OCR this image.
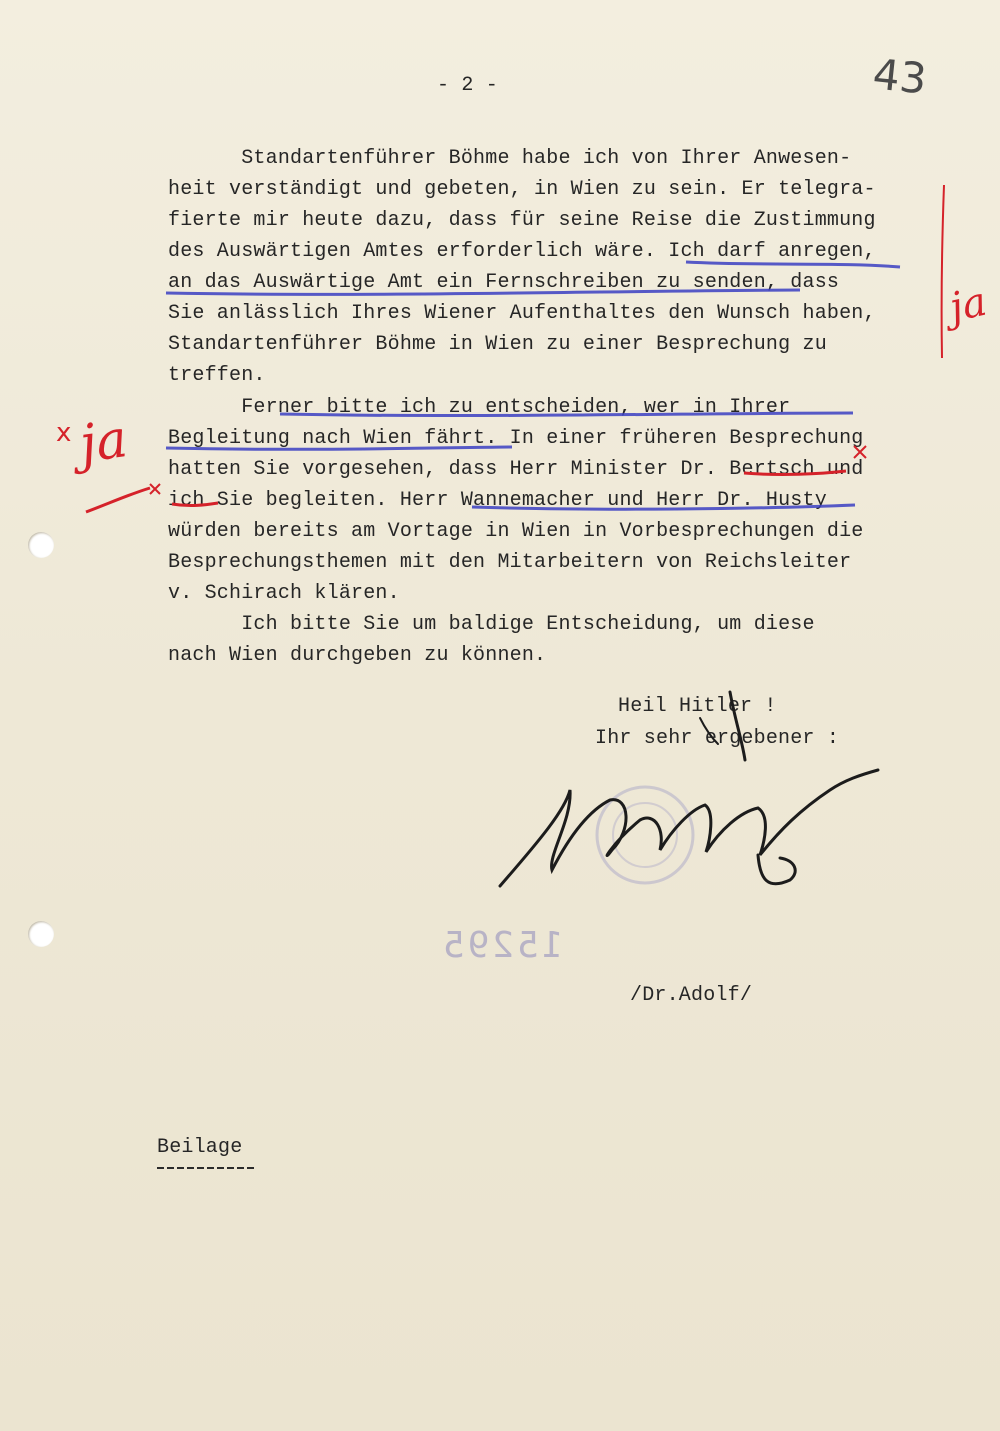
- 2 -	43
Standartenführer Böhme habe ich von Ihrer Anwesen-
heit verständigt und gebeten, in Wien zu sein. Er telegra-
fierte mir heute dazu, dass für seine Reise die Zustimmung
des Auswärtigen Amtes erforderlich wäre. Ich darf anregen,
an das Auswärtige Amt ein Fernschreiben zu senden, dass
Sie anlässlich Ihres Wiener Aufenthaltes den Wunsch haben,
Standartenführer Böhme in Wien zu einer Besprechung zu
treffen.
Ferner bitte ich zu entscheiden, wer in Ihrer
Begleitung nach Wien fährt. In einer früheren Besprechung
hatten Sie vorgesehen, dass Herr Minister Dr. Bertsch und
ich Sie begleiten. Herr Wannemacher und Herr Dr. Husty
würden bereits am Vortage in Wien in Vorbesprechungen die
Besprechungsthemen mit den Mitarbeitern von Reichsleiter
v. Schirach klären.
Ich bitte Sie um baldige Entscheidung, um diese
nach Wien durchgeben zu können.
Heil Hitler !
Ihr sehr ergebener :
/Dr.Adolf/
Beilage
15295
ja
ja
x
